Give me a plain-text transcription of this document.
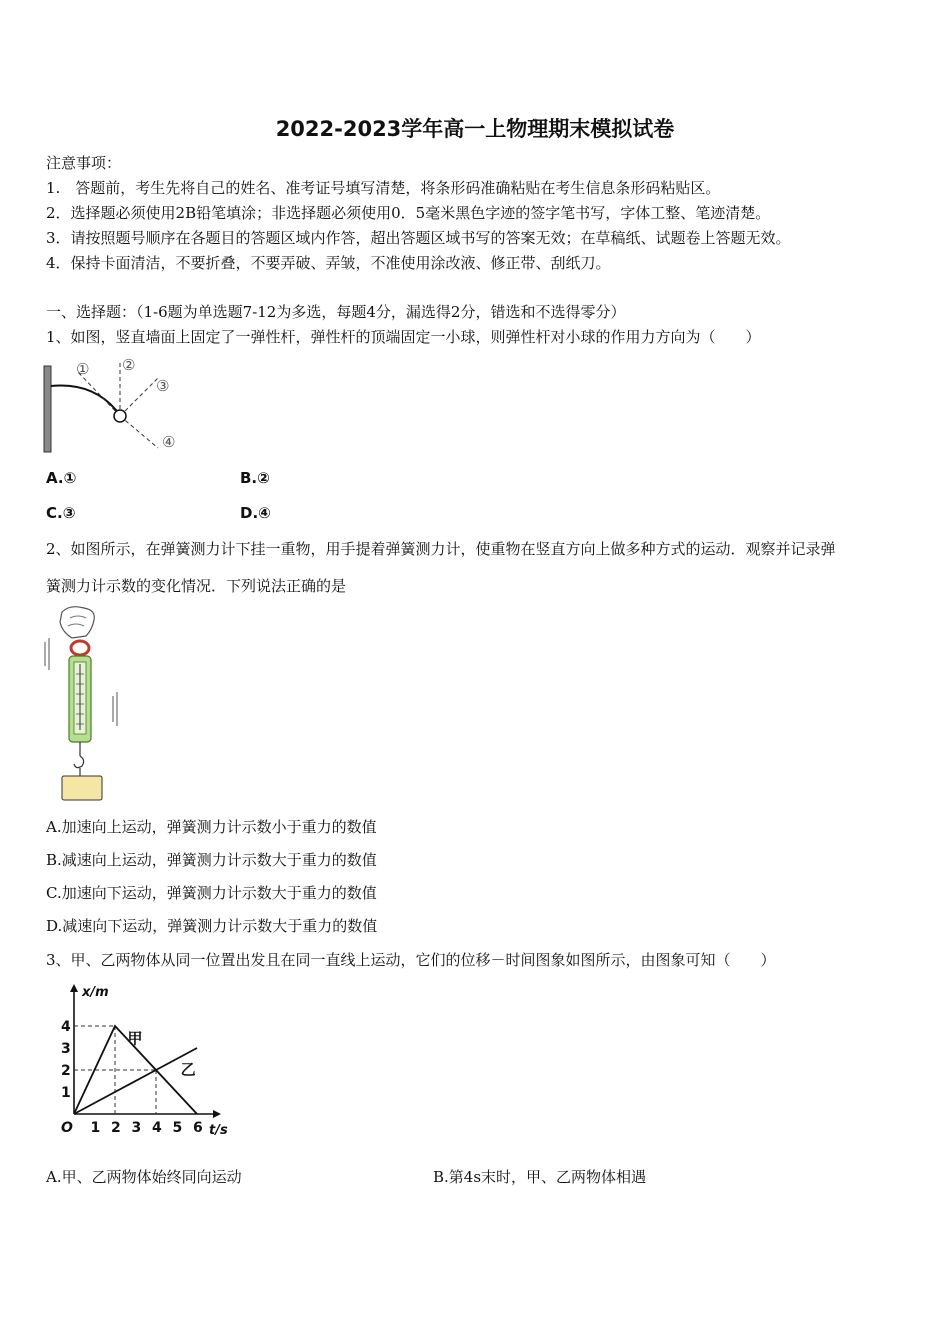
2022-2023学年高一上物理期末模拟试卷
注意事项：
1.　答题前，考生先将自己的姓名、准考证号填写清楚，将条形码准确粘贴在考生信息条形码粘贴区。
2．选择题必须使用2B铅笔填涂；非选择题必须使用0．5毫米黑色字迹的签字笔书写，字体工整、笔迹清楚。
3．请按照题号顺序在各题目的答题区域内作答，超出答题区域书写的答案无效；在草稿纸、试题卷上答题无效。
4．保持卡面清洁，不要折叠，不要弄破、弄皱，不准使用涂改液、修正带、刮纸刀。
一、选择题：（1-6题为单选题7-12为多选，每题4分，漏选得2分，错选和不选得零分）
1、如图，竖直墙面上固定了一弹性杆，弹性杆的顶端固定一小球，则弹性杆对小球的作用力方向为（　　）
① ②
③
④
A.①	B.②
C.③	D.④
2、如图所示，在弹簧测力计下挂一重物，用手提着弹簧测力计，使重物在竖直方向上做多种方式的运动．观察并记录弹
簧测力计示数的变化情况．下列说法正确的是
A.加速向上运动，弹簧测力计示数小于重力的数值
B.减速向上运动，弹簧测力计示数大于重力的数值
C.加速向下运动，弹簧测力计示数大于重力的数值
D.减速向下运动，弹簧测力计示数大于重力的数值
3、甲、乙两物体从同一位置出发且在同一直线上运动，它们的位移－时间图象如图所示，由图象可知（　　）
甲
乙
1 2 3 4 5 6
1
2
3
4
O	t/s
x/m
A.甲、乙两物体始终同向运动	B.第4s末时，甲、乙两物体相遇
